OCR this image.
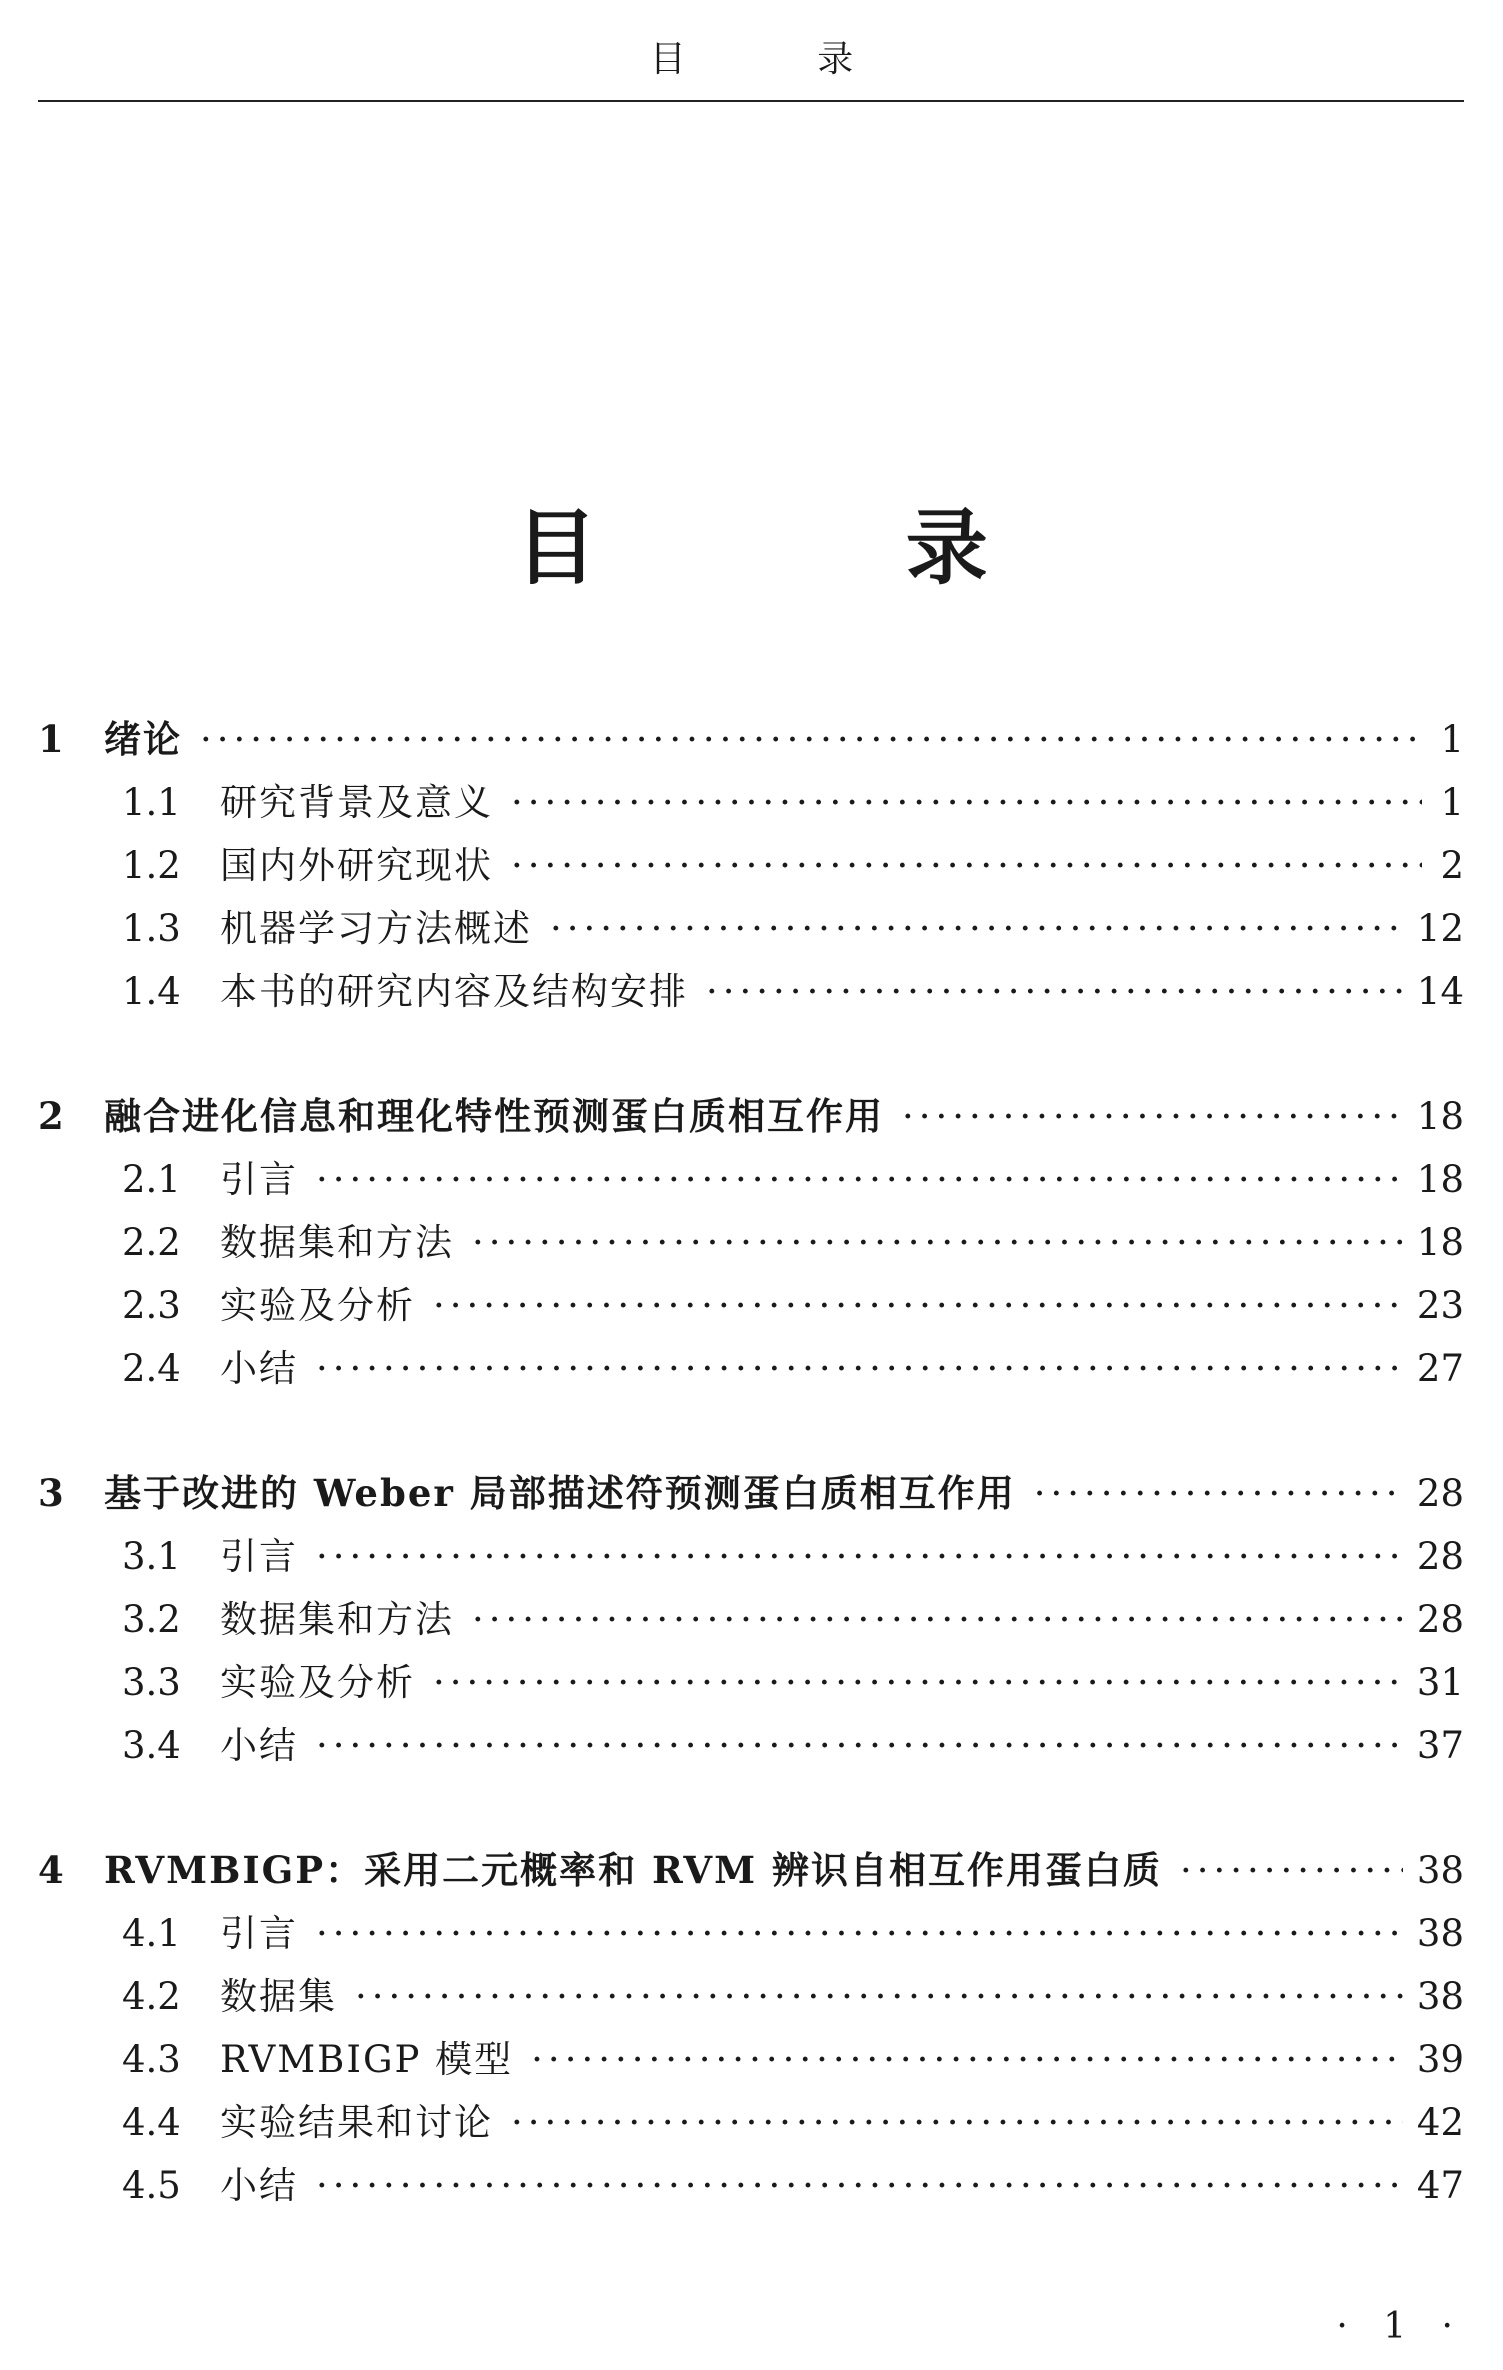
目 录
目 录
1	绪论 ·····	1
1.1	研究背景及意义 ·····	1
1.2	国内外研究现状 ·····	2
1.3	机器学习方法概述 ·····	12
1.4	本书的研究内容及结构安排 ·····	14
2	融合进化信息和理化特性预测蛋白质相互作用 ·····	18
2.1	引言 ·····	18
2.2	数据集和方法 ·····	18
2.3	实验及分析 ·····	23
2.4	小结 ·····	27
3	基于改进的 Weber 局部描述符预测蛋白质相互作用 ·····	28
3.1	引言 ·····	28
3.2	数据集和方法 ·····	28
3.3	实验及分析 ·····	31
3.4	小结 ·····	37
4	RVMBIGP：采用二元概率和 RVM 辨识自相互作用蛋白质 ·····	38
4.1	引言 ·····	38
4.2	数据集 ·····	38
4.3	RVMBIGP 模型 ·····	39
4.4	实验结果和讨论 ·····	42
4.5	小结 ·····	47
· 1 ·
